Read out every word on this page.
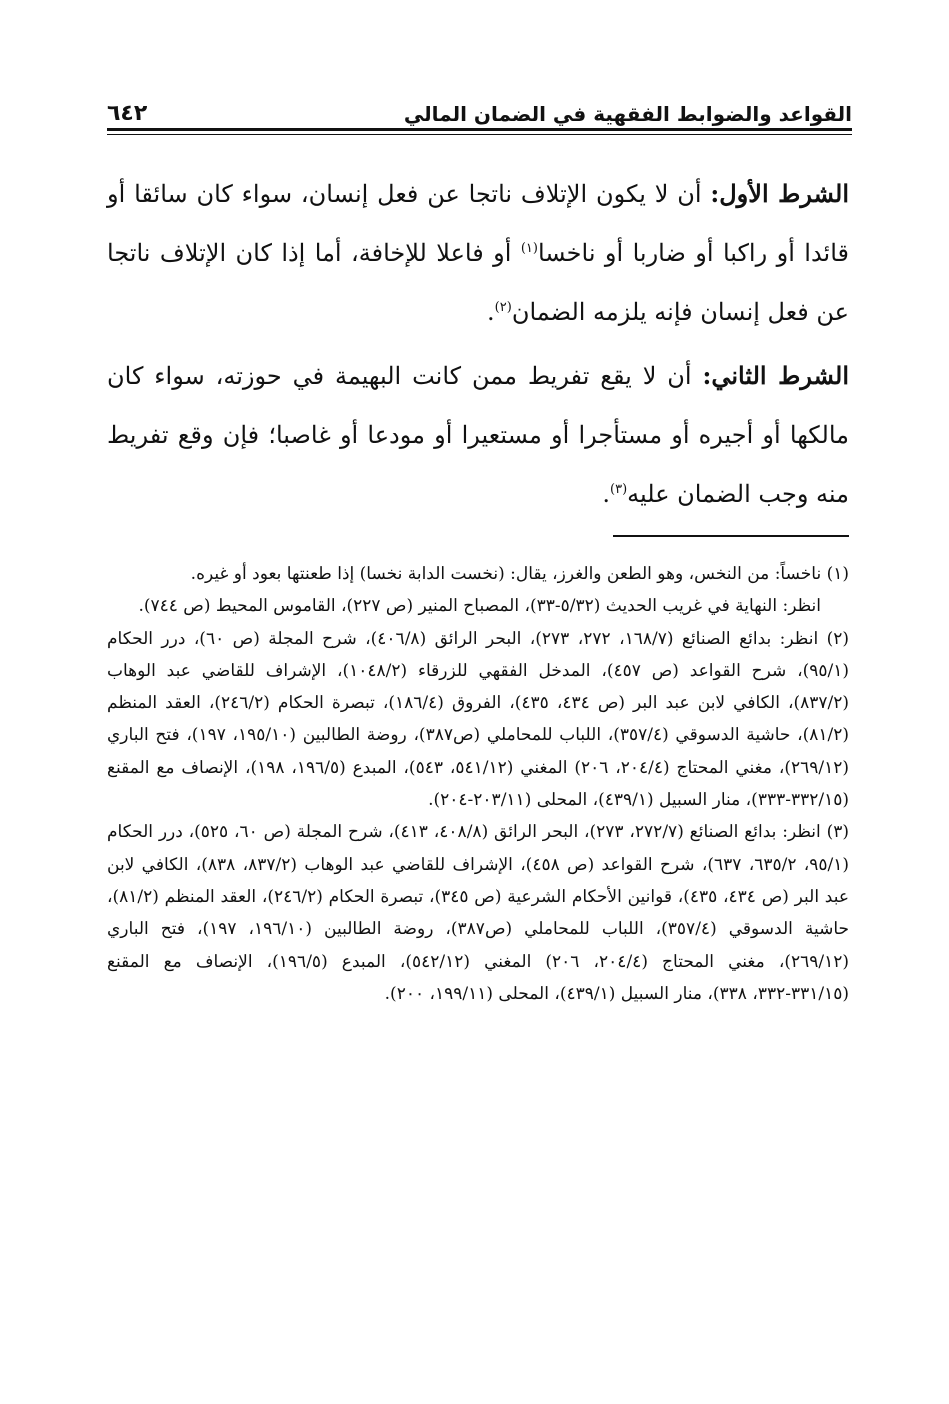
القواعد والضوابط الفقهية في الضمان المالي
٦٤٢

الشرط الأول: أن لا يكون الإتلاف ناتجا عن فعل إنسان، سواء كان سائقا أو قائدا أو راكبا أو ضاربا أو ناخسا$^{(١)}$ أو فاعلا للإخافة، أما إذا كان الإتلاف ناتجا عن فعل إنسان فإنه يلزمه الضمان$^{(٢)}$.

الشرط الثاني: أن لا يقع تفريط ممن كانت البهيمة في حوزته، سواء كان مالكها أو أجيره أو مستأجرا أو مستعيرا أو مودعا أو غاصبا؛ فإن وقع تفريط منه وجب الضمان عليه$^{(٣)}$.

(١) ناخساً: من النخس، وهو الطعن والغرز، يقال: (نخست الدابة نخسا) إذا طعنتها بعود أو غيره.

انظر: النهاية في غريب الحديث (٥/٣٢-٣٣)، المصباح المنير (ص ٢٢٧)، القاموس المحيط (ص ٧٤٤).

(٢) انظر: بدائع الصنائع (١٦٨/٧، ٢٧٢، ٢٧٣)، البحر الرائق (٤٠٦/٨)، شرح المجلة (ص ٦٠)، درر الحكام (٩٥/١)، شرح القواعد (ص ٤٥٧)، المدخل الفقهي للزرقاء (١٠٤٨/٢)، الإشراف للقاضي عبد الوهاب (٨٣٧/٢)، الكافي لابن عبد البر (ص ٤٣٤، ٤٣٥)، الفروق (١٨٦/٤)، تبصرة الحكام (٢٤٦/٢)، العقد المنظم (٨١/٢)، حاشية الدسوقي (٣٥٧/٤)، اللباب للمحاملي (ص٣٨٧)، روضة الطالبين (١٩٥/١٠، ١٩٧)، فتح الباري (٢٦٩/١٢)، مغني المحتاج (٢٠٤/٤، ٢٠٦) المغني (٥٤١/١٢، ٥٤٣)، المبدع (١٩٦/٥، ١٩٨)، الإنصاف مع المقنع (٣٣٢/١٥-٣٣٣)، منار السبيل (٤٣٩/١)، المحلى (٢٠٣/١١-٢٠٤).

(٣) انظر: بدائع الصنائع (٢٧٢/٧، ٢٧٣)، البحر الرائق (٤٠٨/٨، ٤١٣)، شرح المجلة (ص ٦٠، ٥٢٥)، درر الحكام (٩٥/١، ٦٣٥/٢، ٦٣٧)، شرح القواعد (ص ٤٥٨)، الإشراف للقاضي عبد الوهاب (٨٣٧/٢، ٨٣٨)، الكافي لابن عبد البر (ص ٤٣٤، ٤٣٥)، قوانين الأحكام الشرعية (ص ٣٤٥)، تبصرة الحكام (٢٤٦/٢)، العقد المنظم (٨١/٢)، حاشية الدسوقي (٣٥٧/٤)، اللباب للمحاملي (ص٣٨٧)، روضة الطالبين (١٩٦/١٠، ١٩٧)، فتح الباري (٢٦٩/١٢)، مغني المحتاج (٢٠٤/٤، ٢٠٦) المغني (٥٤٢/١٢)، المبدع (١٩٦/٥)، الإنصاف مع المقنع (٣٣١/١٥-٣٣٢، ٣٣٨)، منار السبيل (٤٣٩/١)، المحلى (١٩٩/١١، ٢٠٠).
